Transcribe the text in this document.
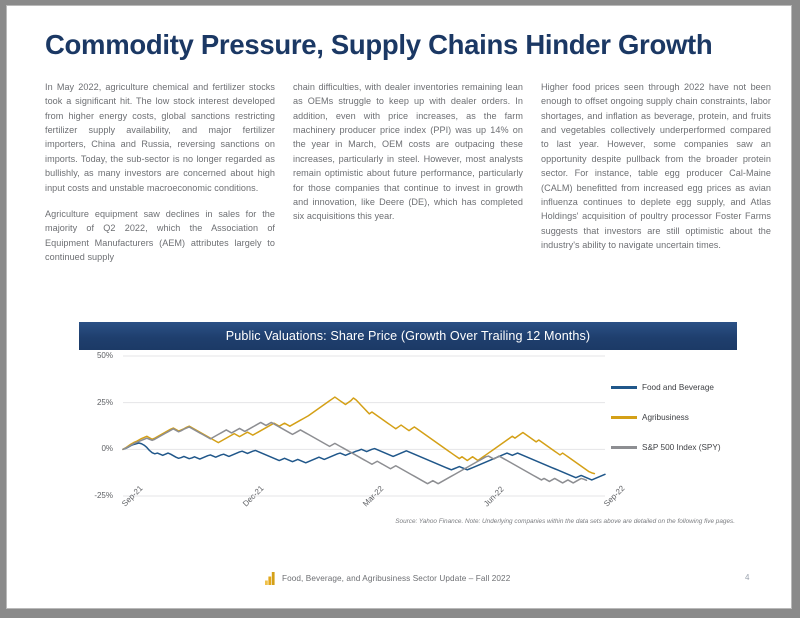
Commodity Pressure, Supply Chains Hinder Growth

In May 2022, agriculture chemical and fertilizer stocks took a significant hit. The low stock interest developed from higher energy costs, global sanctions restricting fertilizer supply availability, and major fertilizer importers, China and Russia, reversing sanctions on imports. Today, the sub-sector is no longer regarded as bullishly, as many investors are concerned about high input costs and unstable macroeconomic conditions.

Agriculture equipment saw declines in sales for the majority of Q2 2022, which the Association of Equipment Manufacturers (AEM) attributes largely to continued supply

chain difficulties, with dealer inventories remaining lean as OEMs struggle to keep up with dealer orders. In addition, even with price increases, as the farm machinery producer price index (PPI) was up 14% on the year in March, OEM costs are outpacing these increases, particularly in steel. However, most analysts remain optimistic about future performance, particularly for those companies that continue to invest in growth and innovation, like Deere (DE), which has completed six acquisitions this year.

Higher food prices seen through 2022 have not been enough to offset ongoing supply chain constraints, labor shortages, and inflation as beverage, protein, and fruits and vegetables collectively underperformed compared to last year. However, some companies saw an opportunity despite pullback from the broader protein sector. For instance, table egg producer Cal-Maine (CALM) benefitted from increased egg prices as avian influenza continues to deplete egg supply, and Atlas Holdings' acquisition of poultry processor Foster Farms suggests that investors are still optimistic about the industry's ability to navigate uncertain times.

Public Valuations: Share Price (Growth Over Trailing 12 Months)
50%
25%
0%
-25% Sep-21	Dec-21	Mar-22	Jun-22	Sep-22
Food and Beverage
Agribusiness
S&P 500 Index (SPY)
Source: Yahoo Finance. Note: Underlying companies within the data sets above are detailed on the following five pages.
Food, Beverage, and Agribusiness Sector Update – Fall 2022	4
